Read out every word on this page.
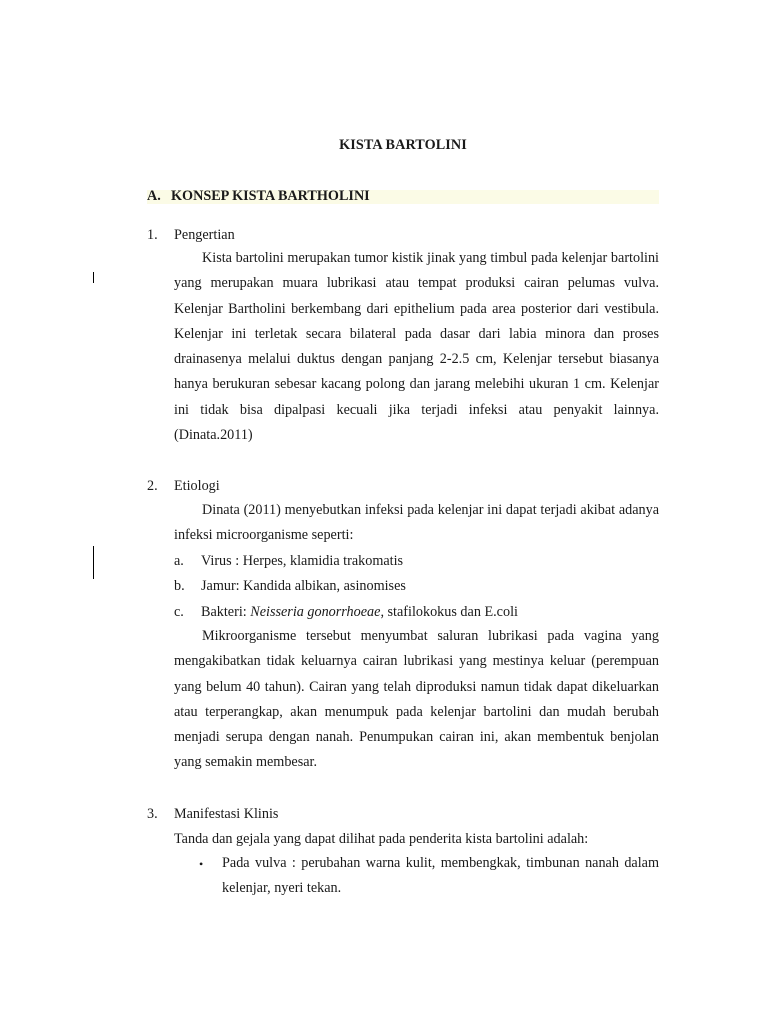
KISTA BARTOLINI
A. KONSEP KISTA BARTHOLINI
1. Pengertian
Kista bartolini merupakan tumor kistik jinak yang timbul pada kelenjar bartolini yang merupakan muara lubrikasi atau tempat produksi cairan pelumas vulva. Kelenjar Bartholini berkembang dari epithelium pada area posterior dari vestibula. Kelenjar ini terletak secara bilateral pada dasar dari labia minora dan proses drainasenya melalui duktus dengan panjang 2-2.5 cm, Kelenjar tersebut biasanya hanya berukuran sebesar kacang polong dan jarang melebihi ukuran 1 cm. Kelenjar ini tidak bisa dipalpasi kecuali jika terjadi infeksi atau penyakit lainnya. (Dinata.2011)
2. Etiologi
Dinata (2011) menyebutkan infeksi pada kelenjar ini dapat terjadi akibat adanya infeksi microorganisme seperti:
a. Virus : Herpes, klamidia trakomatis
b. Jamur: Kandida albikan, asinomises
c. Bakteri: Neisseria gonorrhoeae, stafilokokus dan E.coli
Mikroorganisme tersebut menyumbat saluran lubrikasi pada vagina yang mengakibatkan tidak keluarnya cairan lubrikasi yang mestinya keluar (perempuan yang belum 40 tahun). Cairan yang telah diproduksi namun tidak dapat dikeluarkan atau terperangkap, akan menumpuk pada kelenjar bartolini dan mudah berubah menjadi serupa dengan nanah. Penumpukan cairan ini, akan membentuk benjolan yang semakin membesar.
3. Manifestasi Klinis
Tanda dan gejala yang dapat dilihat pada penderita kista bartolini adalah:
• Pada vulva : perubahan warna kulit, membengkak, timbunan nanah dalam kelenjar, nyeri tekan.
